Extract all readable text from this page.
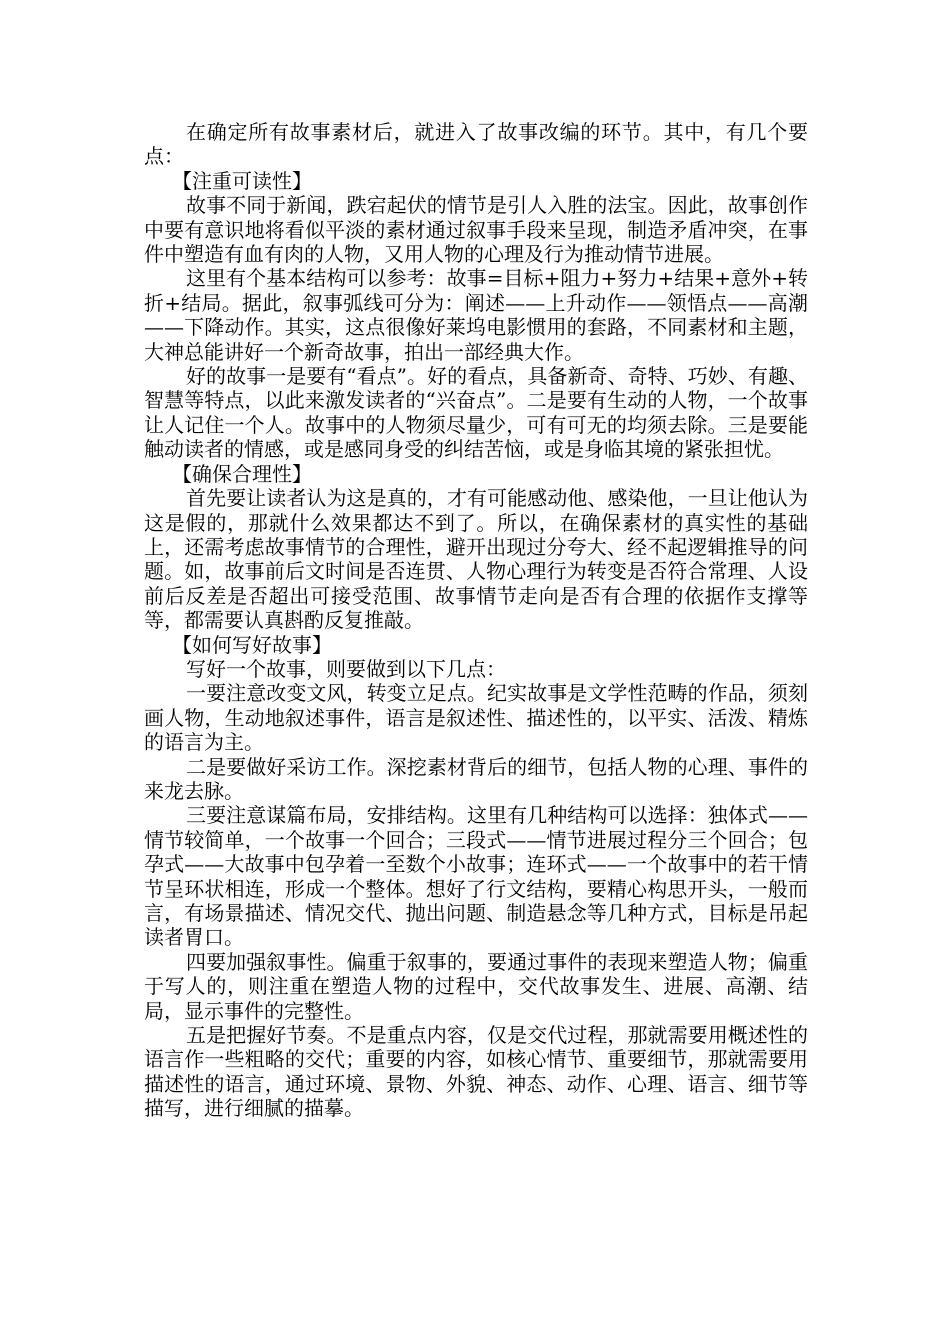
在确定所有故事素材后，就进入了故事改编的环节。其中，有几个要点：

【注重可读性】

故事不同于新闻，跌宕起伏的情节是引人入胜的法宝。因此，故事创作中要有意识地将看似平淡的素材通过叙事手段来呈现，制造矛盾冲突，在事件中塑造有血有肉的人物，又用人物的心理及行为推动情节进展。

这里有个基本结构可以参考：故事=目标+阻力+努力+结果+意外+转折+结局。据此，叙事弧线可分为：阐述——上升动作——领悟点——高潮——下降动作。其实，这点很像好莱坞电影惯用的套路，不同素材和主题，大神总能讲好一个新奇故事，拍出一部经典大作。

好的故事一是要有“看点”。好的看点，具备新奇、奇特、巧妙、有趣、智慧等特点，以此来激发读者的“兴奋点”。二是要有生动的人物，一个故事让人记住一个人。故事中的人物须尽量少，可有可无的均须去除。三是要能触动读者的情感，或是感同身受的纠结苦恼，或是身临其境的紧张担忧。

【确保合理性】

首先要让读者认为这是真的，才有可能感动他、感染他，一旦让他认为这是假的，那就什么效果都达不到了。所以，在确保素材的真实性的基础上，还需考虑故事情节的合理性，避开出现过分夸大、经不起逻辑推导的问题。如，故事前后文时间是否连贯、人物心理行为转变是否符合常理、人设前后反差是否超出可接受范围、故事情节走向是否有合理的依据作支撑等等，都需要认真斟酌反复推敲。

【如何写好故事】

写好一个故事，则要做到以下几点：

一要注意改变文风，转变立足点。纪实故事是文学性范畴的作品，须刻画人物，生动地叙述事件，语言是叙述性、描述性的，以平实、活泼、精炼的语言为主。

二是要做好采访工作。深挖素材背后的细节，包括人物的心理、事件的来龙去脉。

三要注意谋篇布局，安排结构。这里有几种结构可以选择：独体式——情节较简单，一个故事一个回合；三段式——情节进展过程分三个回合；包孕式——大故事中包孕着一至数个小故事；连环式——一个故事中的若干情节呈环状相连，形成一个整体。想好了行文结构，要精心构思开头，一般而言，有场景描述、情况交代、抛出问题、制造悬念等几种方式，目标是吊起读者胃口。

四要加强叙事性。偏重于叙事的，要通过事件的表现来塑造人物；偏重于写人的，则注重在塑造人物的过程中，交代故事发生、进展、高潮、结局，显示事件的完整性。

五是把握好节奏。不是重点内容，仅是交代过程，那就需要用概述性的语言作一些粗略的交代；重要的内容，如核心情节、重要细节，那就需要用描述性的语言，通过环境、景物、外貌、神态、动作、心理、语言、细节等描写，进行细腻的描摹。
